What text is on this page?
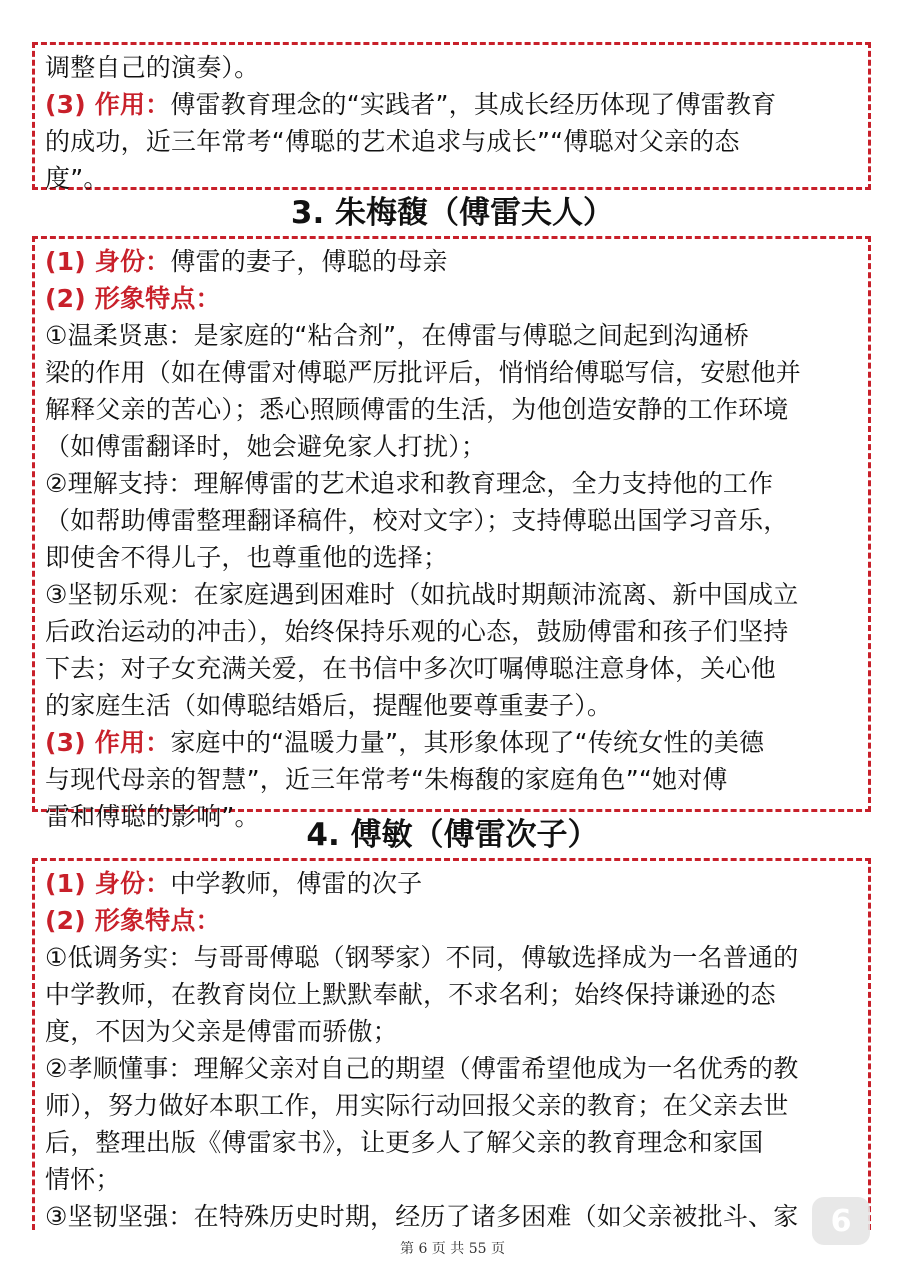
调整自己的演奏）。
(3) 作用：傅雷教育理念的“实践者”，其成长经历体现了傅雷教育
的成功，近三年常考“傅聪的艺术追求与成长”“傅聪对父亲的态
度”。
3. 朱梅馥（傅雷夫人）
(1) 身份：傅雷的妻子，傅聪的母亲
(2) 形象特点：
①温柔贤惠：是家庭的“粘合剂”，在傅雷与傅聪之间起到沟通桥
梁的作用（如在傅雷对傅聪严厉批评后，悄悄给傅聪写信，安慰他并
解释父亲的苦心）；悉心照顾傅雷的生活，为他创造安静的工作环境
（如傅雷翻译时，她会避免家人打扰）；
②理解支持：理解傅雷的艺术追求和教育理念，全力支持他的工作
（如帮助傅雷整理翻译稿件，校对文字）；支持傅聪出国学习音乐，
即使舍不得儿子，也尊重他的选择；
③坚韧乐观：在家庭遇到困难时（如抗战时期颠沛流离、新中国成立
后政治运动的冲击），始终保持乐观的心态，鼓励傅雷和孩子们坚持
下去；对子女充满关爱，在书信中多次叮嘱傅聪注意身体，关心他
的家庭生活（如傅聪结婚后，提醒他要尊重妻子）。
(3) 作用：家庭中的“温暖力量”，其形象体现了“传统女性的美德
与现代母亲的智慧”，近三年常考“朱梅馥的家庭角色”“她对傅
雷和傅聪的影响”。
4. 傅敏（傅雷次子）
(1) 身份：中学教师，傅雷的次子
(2) 形象特点：
①低调务实：与哥哥傅聪（钢琴家）不同，傅敏选择成为一名普通的
中学教师，在教育岗位上默默奉献，不求名利；始终保持谦逊的态
度，不因为父亲是傅雷而骄傲；
②孝顺懂事：理解父亲对自己的期望（傅雷希望他成为一名优秀的教
师），努力做好本职工作，用实际行动回报父亲的教育；在父亲去世
后，整理出版《傅雷家书》，让更多人了解父亲的教育理念和家国
情怀；
③坚韧坚强：在特殊历史时期，经历了诸多困难（如父亲被批斗、家
第 6 页 共 55 页
6
